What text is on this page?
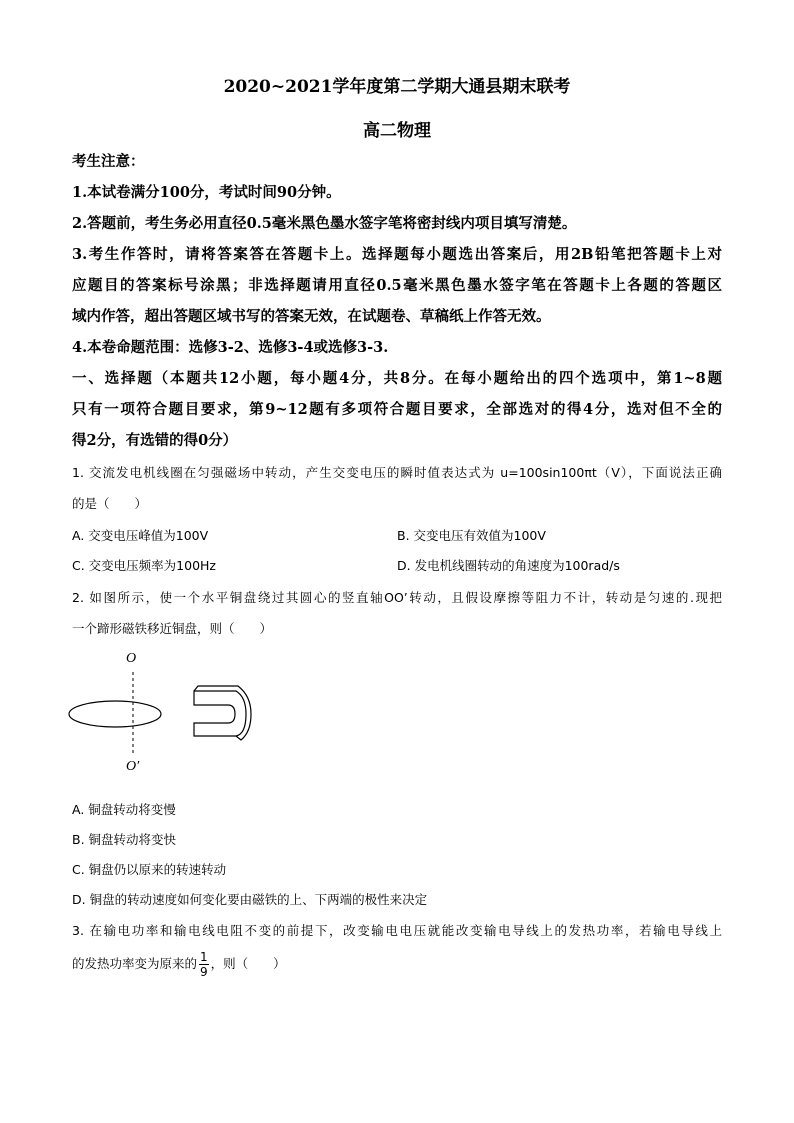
2020~2021学年度第二学期大通县期末联考
高二物理
考生注意：
1.本试卷满分100分，考试时间90分钟。
2.答题前，考生务必用直径0.5毫米黑色墨水签字笔将密封线内项目填写清楚。
3.考生作答时，请将答案答在答题卡上。选择题每小题选出答案后，用2B铅笔把答题卡上对
应题目的答案标号涂黑；非选择题请用直径0.5毫米黑色墨水签字笔在答题卡上各题的答题区
域内作答，超出答题区域书写的答案无效，在试题卷、草稿纸上作答无效。
4.本卷命题范围：选修3-2、选修3-4或选修3-3.
一、选择题（本题共12小题，每小题4分，共8分。在每小题给出的四个选项中，第1~8题
只有一项符合题目要求，第9~12题有多项符合题目要求，全部选对的得4分，选对但不全的
得2分，有选错的得0分）
1. 交流发电机线圈在匀强磁场中转动，产生交变电压的瞬时值表达式为 u=100sin100πt（V），下面说法正确
的是（　　）
A. 交变电压峰值为100V	B. 交变电压有效值为100V
C. 交变电压频率为100Hz	D. 发电机线圈转动的角速度为100rad/s
2. 如图所示，使一个水平铜盘绕过其圆心的竖直轴OO’转动，且假设摩擦等阻力不计，转动是匀速的.现把
一个蹄形磁铁移近铜盘，则（　　）
O
O′
A. 铜盘转动将变慢
B. 铜盘转动将变快
C. 铜盘仍以原来的转速转动
D. 铜盘的转动速度如何变化要由磁铁的上、下两端的极性来决定
3. 在输电功率和输电线电阻不变的前提下，改变输电电压就能改变输电导线上的发热功率，若输电导线上
的发热功率变为原来的 $\frac{1}{9}$ ，则（　　）
